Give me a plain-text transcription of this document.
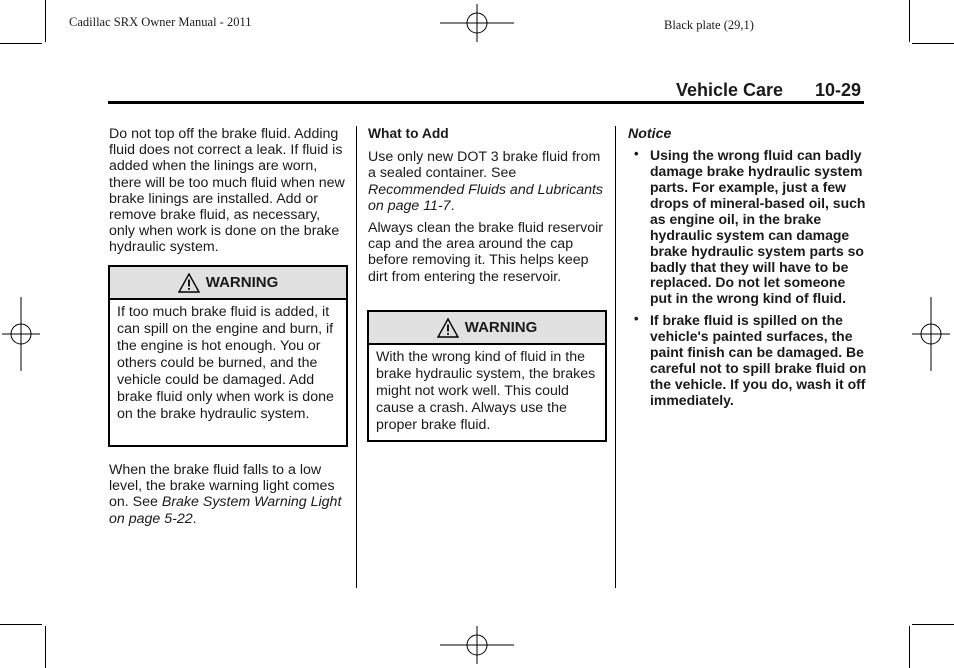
Cadillac SRX Owner Manual - 2011	Black plate (29,1)
Vehicle Care 10-29

Do not top off the brake fluid. Adding fluid does not correct a leak. If fluid is added when the linings are worn, there will be too much fluid when new brake linings are installed. Add or remove brake fluid, as necessary, only when work is done on the brake hydraulic system.

WARNING
If too much brake fluid is added, it can spill on the engine and burn, if the engine is hot enough. You or others could be burned, and the vehicle could be damaged. Add brake fluid only when work is done on the brake hydraulic system.

When the brake fluid falls to a low level, the brake warning light comes on. See Brake System Warning Light on page 5-22.

What to Add

Use only new DOT 3 brake fluid from a sealed container. See Recommended Fluids and Lubricants on page 11-7.

Always clean the brake fluid reservoir cap and the area around the cap before removing it. This helps keep dirt from entering the reservoir.

WARNING
With the wrong kind of fluid in the brake hydraulic system, the brakes might not work well. This could cause a crash. Always use the proper brake fluid.
Notice
• Using the wrong fluid can badly damage brake hydraulic system parts. For example, just a few drops of mineral-based oil, such as engine oil, in the brake hydraulic system can damage brake hydraulic system parts so badly that they will have to be replaced. Do not let someone put in the wrong kind of fluid.
• If brake fluid is spilled on the vehicle's painted surfaces, the paint finish can be damaged. Be careful not to spill brake fluid on the vehicle. If you do, wash it off immediately.
